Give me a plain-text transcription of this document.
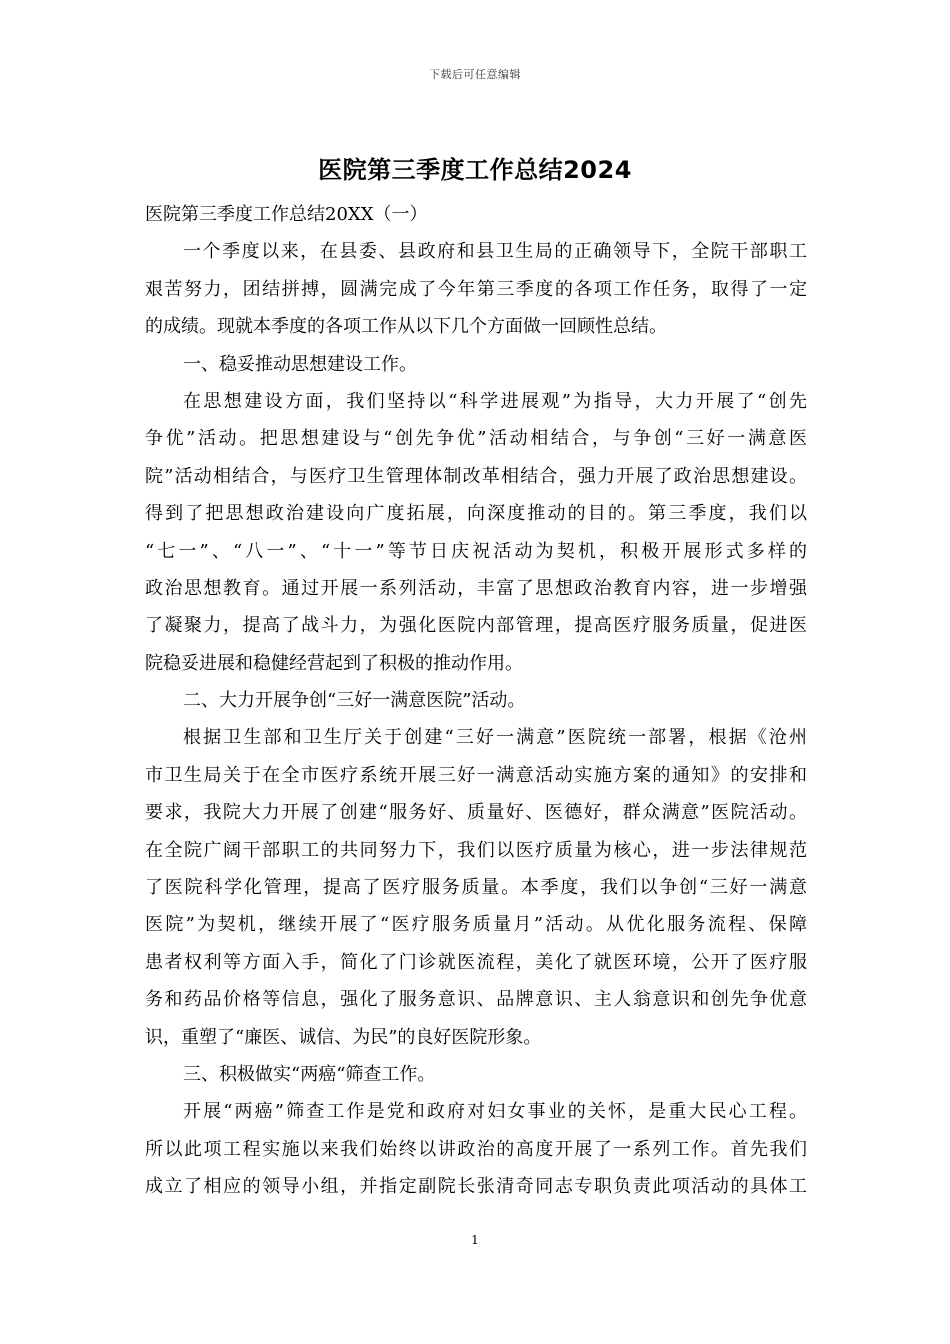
下载后可任意编辑
医院第三季度工作总结2024
医院第三季度工作总结20XX（一）
一个季度以来，在县委、县政府和县卫生局的正确领导下，全院干部职工
艰苦努力，团结拼搏，圆满完成了今年第三季度的各项工作任务，取得了一定
的成绩。现就本季度的各项工作从以下几个方面做一回顾性总结。
一、稳妥推动思想建设工作。
在思想建设方面，我们坚持以“科学进展观”为指导，大力开展了“创先
争优”活动。把思想建设与“创先争优”活动相结合，与争创“三好一满意医
院”活动相结合，与医疗卫生管理体制改革相结合，强力开展了政治思想建设。
得到了把思想政治建设向广度拓展，向深度推动的目的。第三季度，我们以
“七一”、“八一”、“十一”等节日庆祝活动为契机，积极开展形式多样的
政治思想教育。通过开展一系列活动，丰富了思想政治教育内容，进一步增强
了凝聚力，提高了战斗力，为强化医院内部管理，提高医疗服务质量，促进医
院稳妥进展和稳健经营起到了积极的推动作用。
二、大力开展争创“三好一满意医院”活动。
根据卫生部和卫生厅关于创建“三好一满意”医院统一部署，根据《沧州
市卫生局关于在全市医疗系统开展三好一满意活动实施方案的通知》的安排和
要求，我院大力开展了创建“服务好、质量好、医德好，群众满意”医院活动。
在全院广阔干部职工的共同努力下，我们以医疗质量为核心，进一步法律规范
了医院科学化管理，提高了医疗服务质量。本季度，我们以争创“三好一满意
医院”为契机，继续开展了“医疗服务质量月”活动。从优化服务流程、保障
患者权利等方面入手，简化了门诊就医流程，美化了就医环境，公开了医疗服
务和药品价格等信息，强化了服务意识、品牌意识、主人翁意识和创先争优意
识，重塑了“廉医、诚信、为民”的良好医院形象。
三、积极做实“两癌“筛查工作。
开展“两癌”筛查工作是党和政府对妇女事业的关怀，是重大民心工程。
所以此项工程实施以来我们始终以讲政治的高度开展了一系列工作。首先我们
成立了相应的领导小组，并指定副院长张清奇同志专职负责此项活动的具体工
1
